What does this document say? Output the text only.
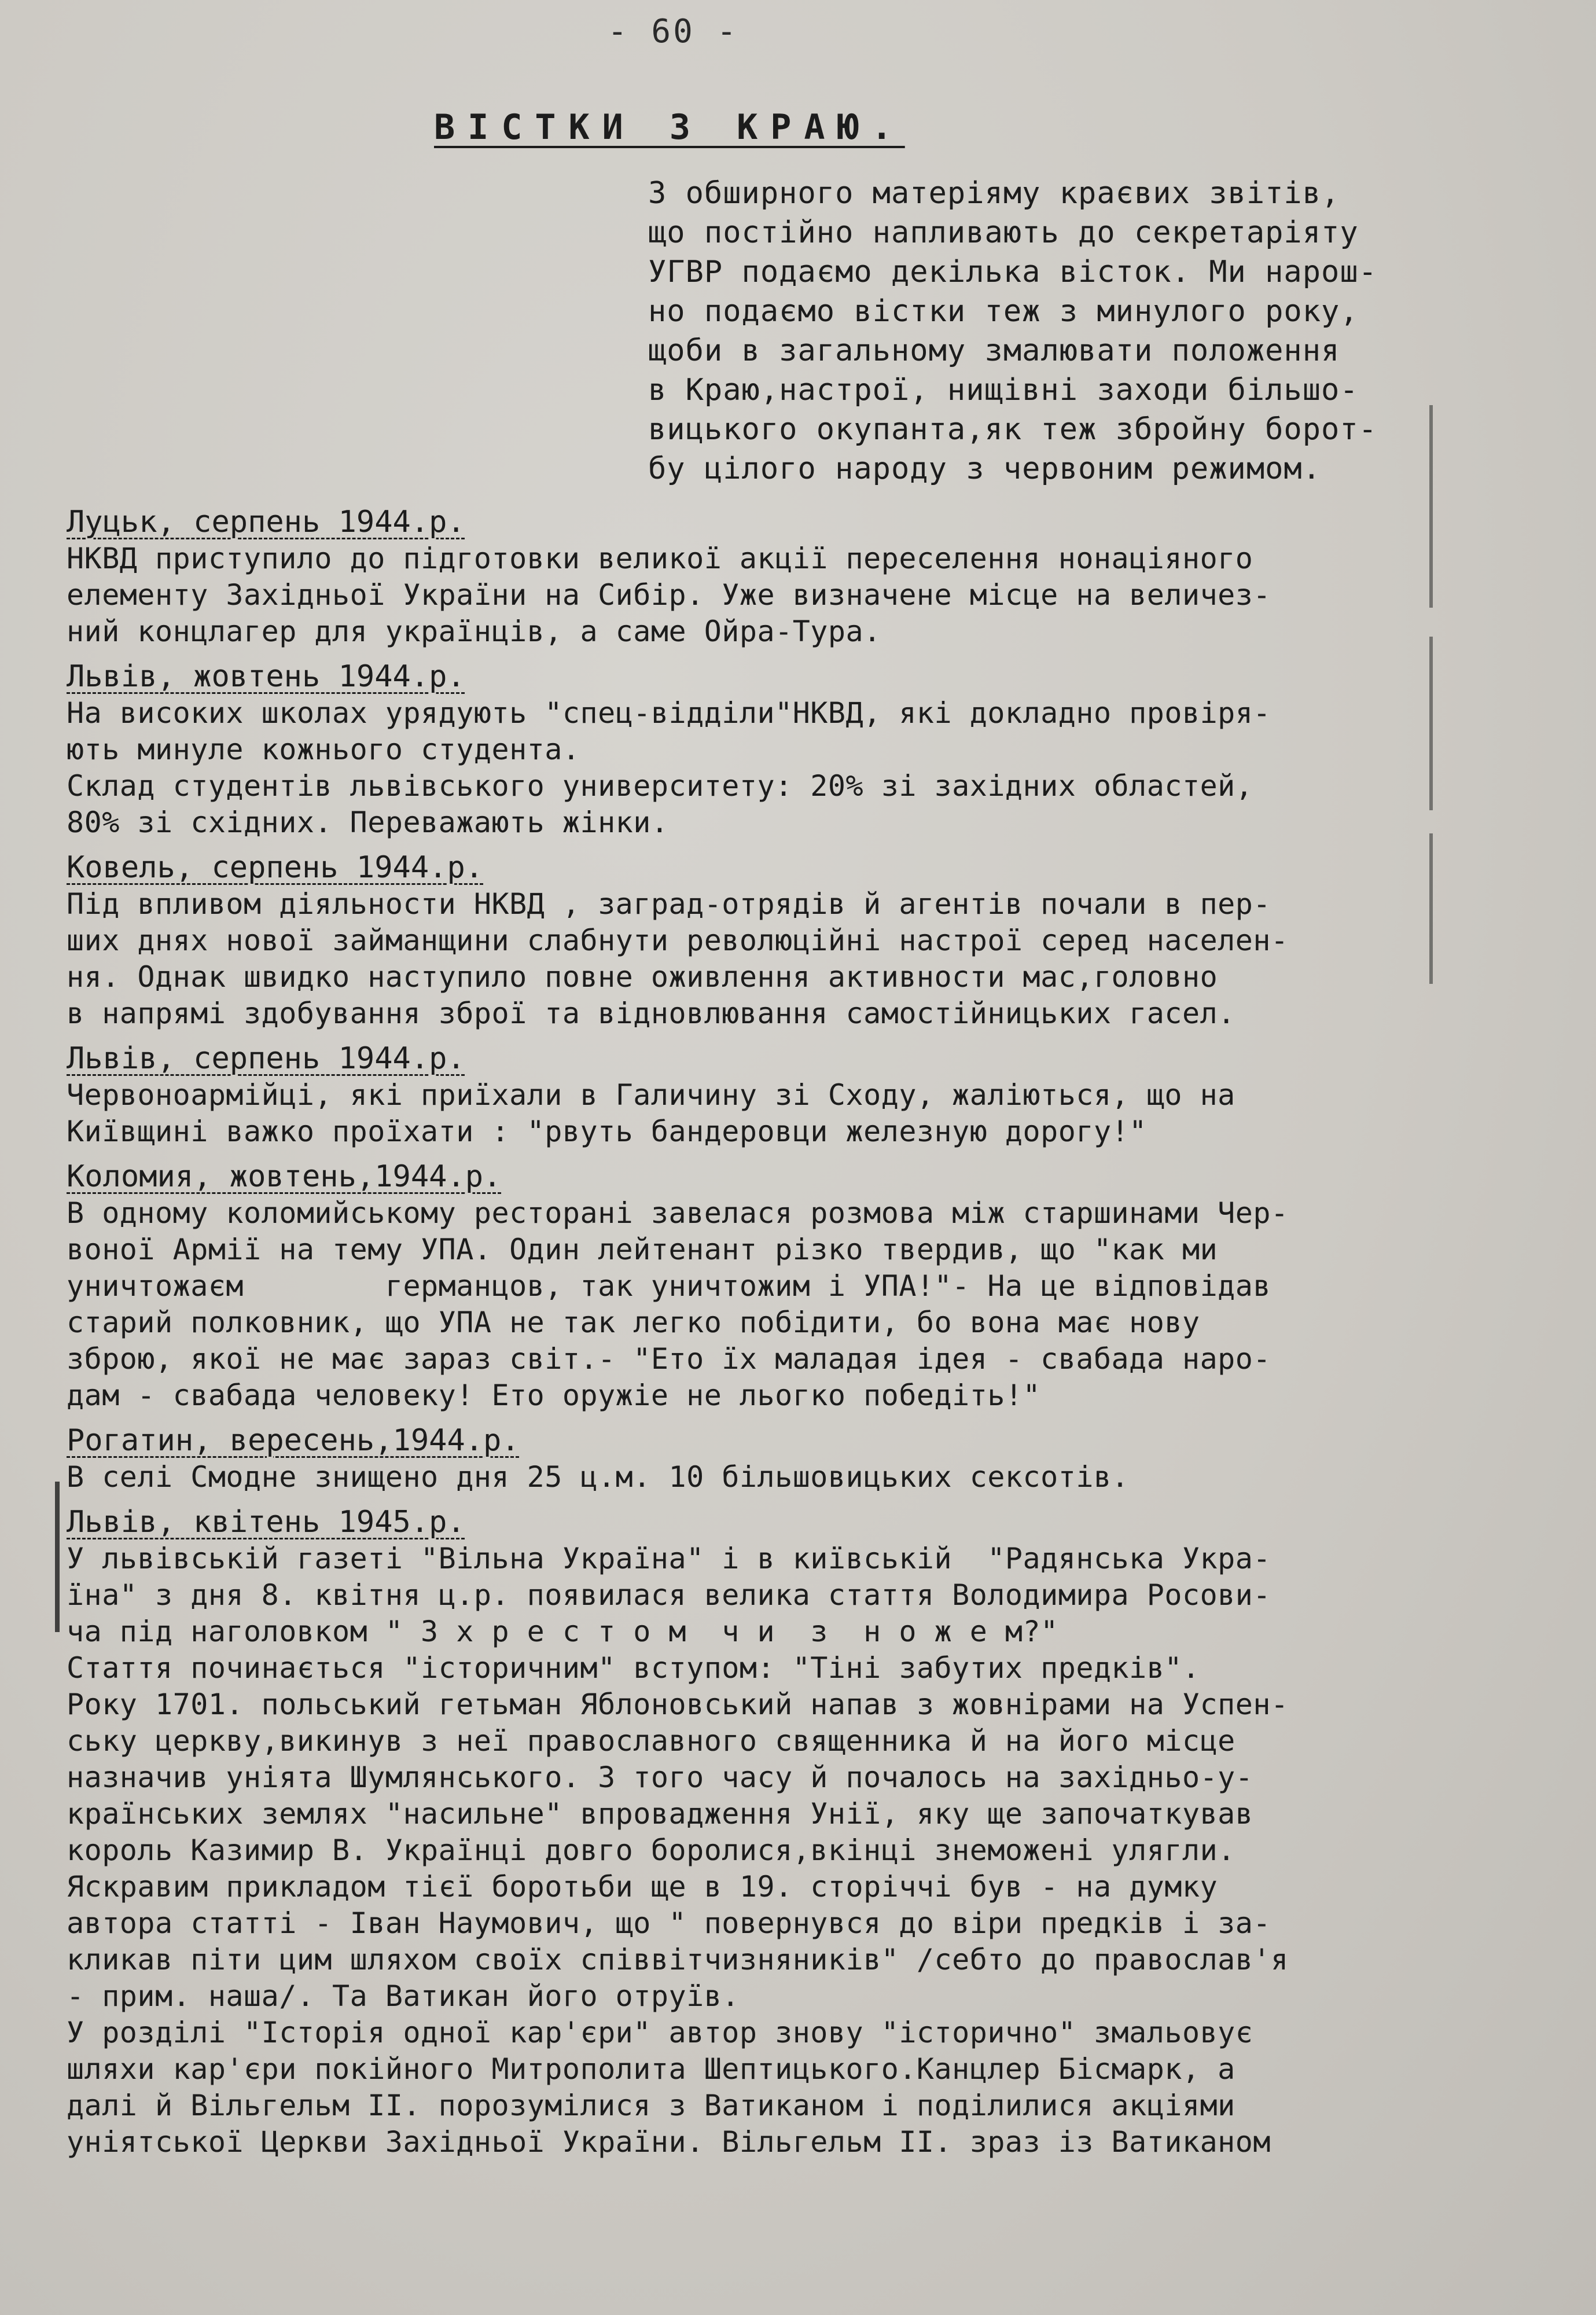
- 60 -
ВІСТКИ З КРАЮ.
З обширного матеріяму краєвих звітів,
що постійно напливають до секретаріяту
УГВР подаємо декілька вісток. Ми нарош-
но подаємо вістки теж з минулого року,
щоби в загальному змалювати положення
в Краю,настрої, нищівні заходи більшо-
вицького окупанта,як теж збройну борот-
бу цілого народу з червоним режимом.
Луцьк, серпень 1944.р.
НКВД приступило до підготовки великої акції переселення нонаціяного
елементу Західньої України на Сибір. Уже визначене місце на величез-
ний концлагер для українців, а саме Ойра-Тура.
Львів, жовтень 1944.р.
На високих школах урядують "спец-відділи"НКВД, які докладно провіря-
ють минуле кожнього студента.
Склад студентів львівського университету: 20% зі західних областей,
80% зі східних. Переважають жінки.
Ковель, серпень 1944.р.
Під впливом діяльности НКВД , заград-отрядів й агентів почали в пер-
ших днях нової займанщини слабнути революційні настрої серед населен-
ня. Однак швидко наступило повне оживлення активности мас,головно
в напрямі здобування зброї та відновлювання самостійницьких гасел.
Львів, серпень 1944.р.
Червоноармійці, які приїхали в Галичину зі Сходу, жаліються, що на
Київщині важко проїхати : "рвуть бандеровци железную дорогу!"
Коломия, жовтень,1944.р.
В одному коломийському ресторані завелася розмова між старшинами Чер-
воної Армії на тему УПА. Один лейтенант різко твердив, що "как ми
уничтожаєм        германцов, так уничтожим і УПА!"- На це відповідав
старий полковник, що УПА не так легко побідити, бо вона має нову
зброю, якої не має зараз світ.- "Ето їх маладая ідея - свабада наро-
дам - свабада человеку! Ето оружіе не льогко победіть!"
Рогатин, вересень,1944.р.
В селі Смодне знищено дня 25 ц.м. 10 більшовицьких сексотів.
Львів, квітень 1945.р.
У львівській газеті "Вільна Україна" і в київській  "Радянська Укра-
їна" з дня 8. квітня ц.р. появилася велика стаття Володимира Росови-
ча під наголовком " З х р е с т о м  ч и  з  н о ж е м?"
Стаття починається "історичним" вступом: "Тіні забутих предків".
Року 1701. польський гетьман Яблоновський напав з жовнірами на Успен-
ську церкву,викинув з неї православного священника й на його місце
назначив уніята Шумлянського. З того часу й почалось на західньо-у-
країнських землях "насильне" впровадження Унії, яку ще започаткував
король Казимир В. Українці довго боролися,вкінці знеможені улягли.
Яскравим прикладом тієї боротьби ще в 19. сторіччі був - на думку
автора статті - Іван Наумович, що " повернувся до віри предків і за-
кликав піти цим шляхом своїх співвітчизняників" /себто до православ'я
- прим. нашa/. Та Ватикан його отруїв.
У розділі "Історія одної кар'єри" автор знову "історично" змальовує
шляхи кар'єри покійного Митрополита Шептицького.Канцлер Бісмарк, а
далі й Вільгельм II. порозумілися з Ватиканом і поділилися акціями
уніятської Церкви Західньої України. Вільгельм II. зраз із Ватиканом
